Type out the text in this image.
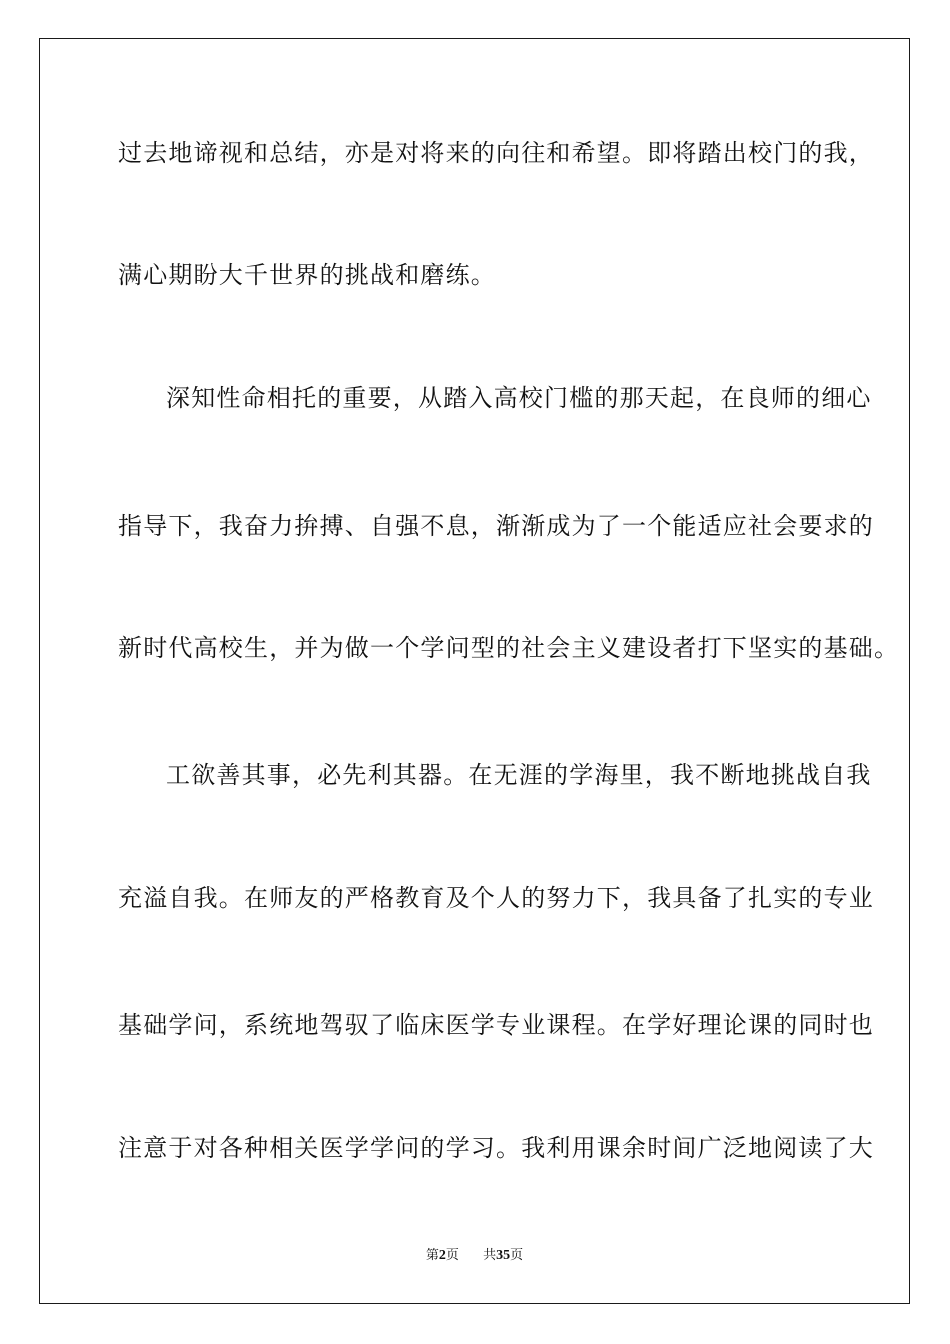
过去地谛视和总结，亦是对将来的向往和希望。即将踏出校门的我，

满心期盼大千世界的挑战和磨练。

深知性命相托的重要，从踏入高校门槛的那天起，在良师的细心

指导下，我奋力拚搏、自强不息，渐渐成为了一个能适应社会要求的

新时代高校生，并为做一个学问型的社会主义建设者打下坚实的基础。

工欲善其事，必先利其器。在无涯的学海里，我不断地挑战自我

充溢自我。在师友的严格教育及个人的努力下，我具备了扎实的专业

基础学问，系统地驾驭了临床医学专业课程。在学好理论课的同时也

注意于对各种相关医学学问的学习。我利用课余时间广泛地阅读了大

第2页 共35页
